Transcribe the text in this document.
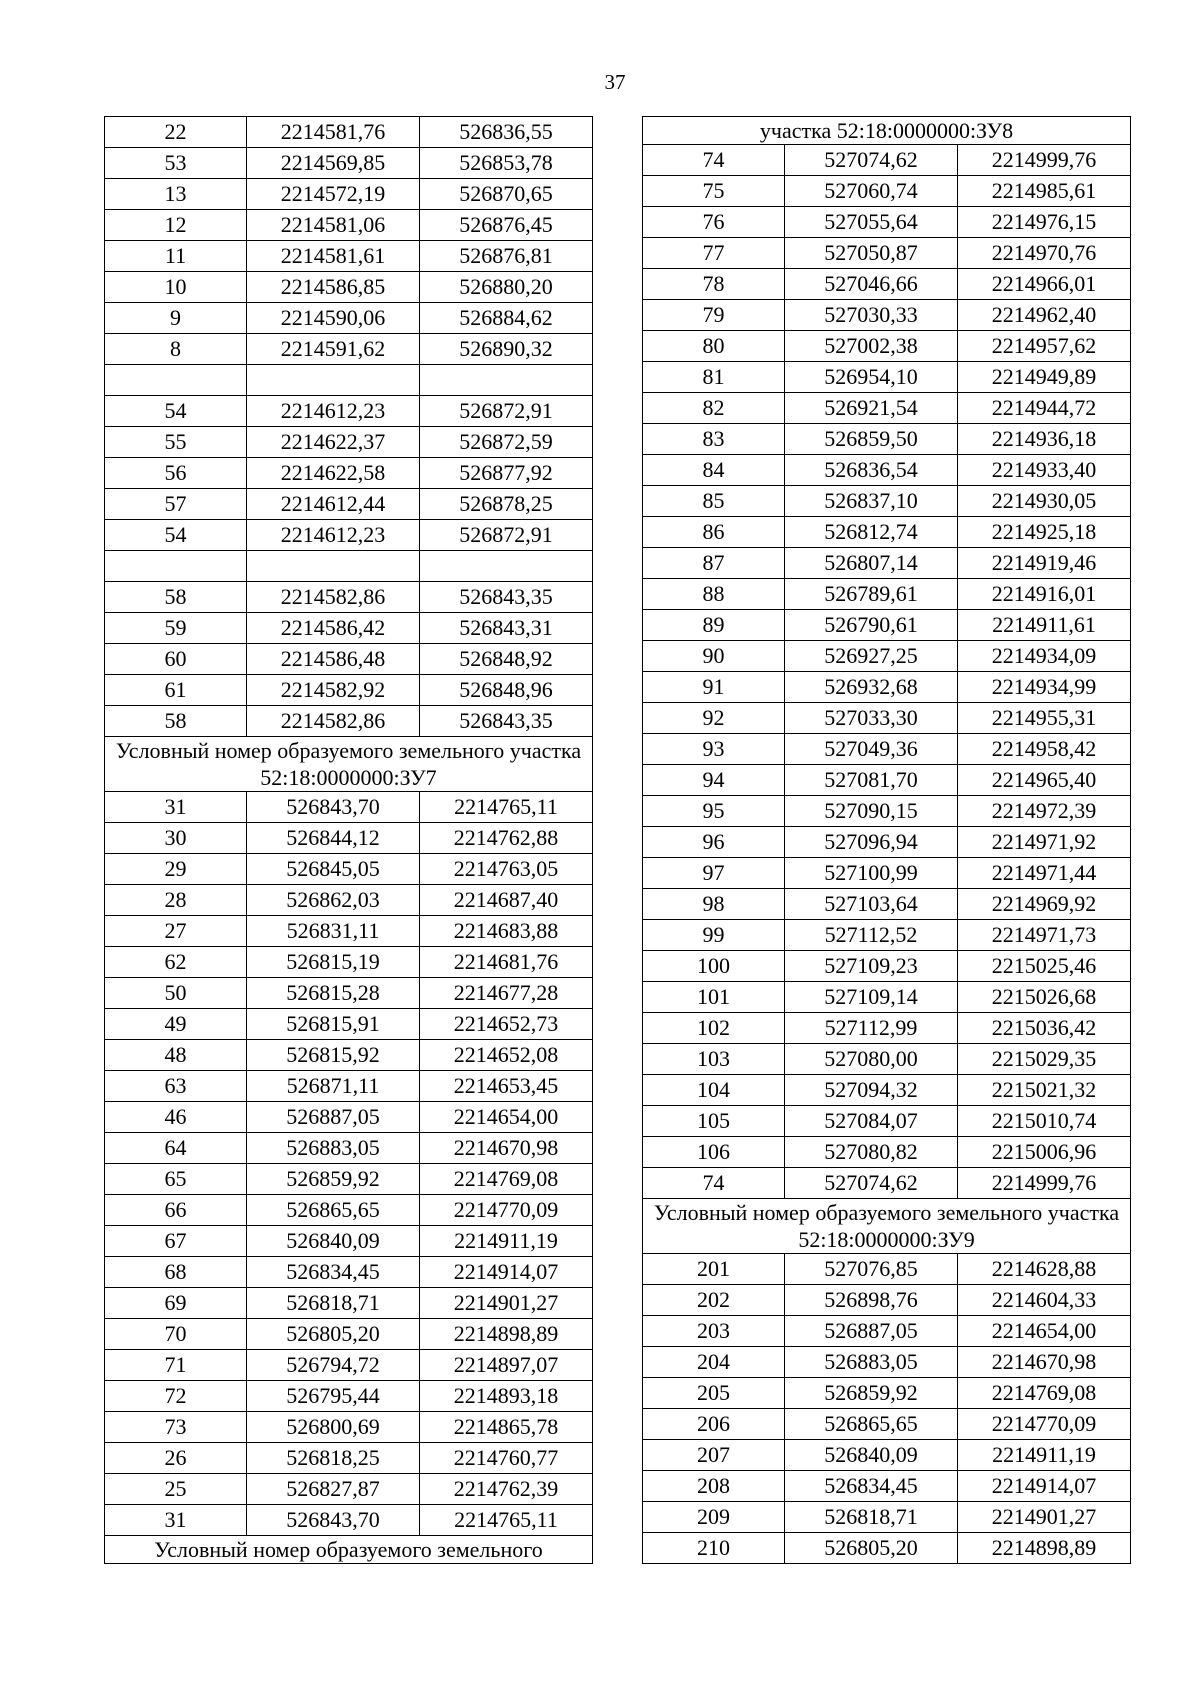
37
22	2214581,76	526836,55
53	2214569,85	526853,78
13	2214572,19	526870,65
12	2214581,06	526876,45
11	2214581,61	526876,81
10	2214586,85	526880,20
9	2214590,06	526884,62
8	2214591,62	526890,32

54	2214612,23	526872,91
55	2214622,37	526872,59
56	2214622,58	526877,92
57	2214612,44	526878,25
54	2214612,23	526872,91

58	2214582,86	526843,35
59	2214586,42	526843,31
60	2214586,48	526848,92
61	2214582,92	526848,96
58	2214582,86	526843,35
Условный номер образуемого земельного участка 52:18:0000000:ЗУ7		
31	526843,70	2214765,11
30	526844,12	2214762,88
29	526845,05	2214763,05
28	526862,03	2214687,40
27	526831,11	2214683,88
62	526815,19	2214681,76
50	526815,28	2214677,28
49	526815,91	2214652,73
48	526815,92	2214652,08
63	526871,11	2214653,45
46	526887,05	2214654,00
64	526883,05	2214670,98
65	526859,92	2214769,08
66	526865,65	2214770,09
67	526840,09	2214911,19
68	526834,45	2214914,07
69	526818,71	2214901,27
70	526805,20	2214898,89
71	526794,72	2214897,07
72	526795,44	2214893,18
73	526800,69	2214865,78
26	526818,25	2214760,77
25	526827,87	2214762,39
31	526843,70	2214765,11
Условный номер образуемого земельного		
участка 52:18:0000000:ЗУ8		
74	527074,62	2214999,76
75	527060,74	2214985,61
76	527055,64	2214976,15
77	527050,87	2214970,76
78	527046,66	2214966,01
79	527030,33	2214962,40
80	527002,38	2214957,62
81	526954,10	2214949,89
82	526921,54	2214944,72
83	526859,50	2214936,18
84	526836,54	2214933,40
85	526837,10	2214930,05
86	526812,74	2214925,18
87	526807,14	2214919,46
88	526789,61	2214916,01
89	526790,61	2214911,61
90	526927,25	2214934,09
91	526932,68	2214934,99
92	527033,30	2214955,31
93	527049,36	2214958,42
94	527081,70	2214965,40
95	527090,15	2214972,39
96	527096,94	2214971,92
97	527100,99	2214971,44
98	527103,64	2214969,92
99	527112,52	2214971,73
100	527109,23	2215025,46
101	527109,14	2215026,68
102	527112,99	2215036,42
103	527080,00	2215029,35
104	527094,32	2215021,32
105	527084,07	2215010,74
106	527080,82	2215006,96
74	527074,62	2214999,76
Условный номер образуемого земельного участка 52:18:0000000:ЗУ9		
201	527076,85	2214628,88
202	526898,76	2214604,33
203	526887,05	2214654,00
204	526883,05	2214670,98
205	526859,92	2214769,08
206	526865,65	2214770,09
207	526840,09	2214911,19
208	526834,45	2214914,07
209	526818,71	2214901,27
210	526805,20	2214898,89
